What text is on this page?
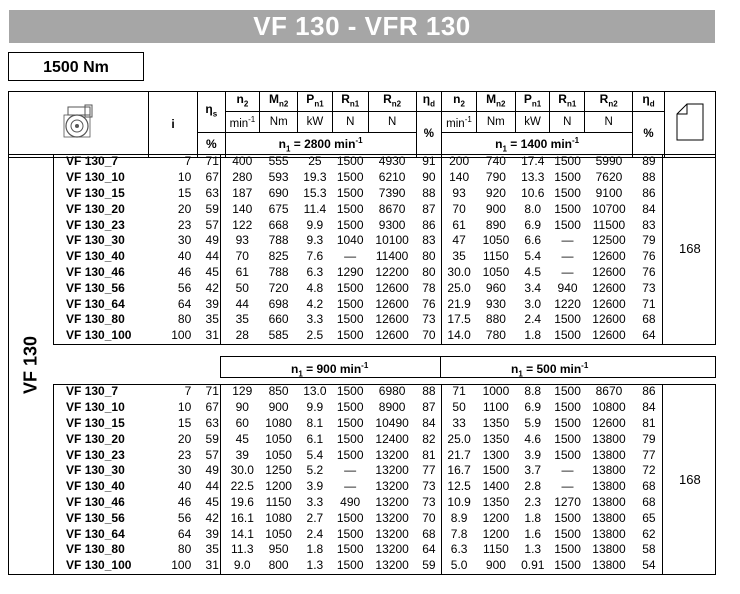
VF 130 - VFR 130
1500 Nm
	i	$\eta_s$	$n_2$	$M_{n2}$	$P_{n1}$	$R_{n1}$	$R_{n2}$	$\eta_d$	$n_2$	$M_{n2}$	$P_{n1}$	$R_{n1}$	$R_{n2}$	$\eta_d$	
			$\min^{-1}$	Nm	kW	N	N	%	$\min^{-1}$	Nm	kW	N	N	%	
		%	$n_1 = 2800$ $\min^{-1}$						$n_1 = 1400$ $\min^{-1}$
VF 130
168
168
$n_1 = 900$ $\min^{-1}$	$n_1 = 500$ $\min^{-1}$
	VF 130_7	7	71	400	555	25	1500	4930	91	200	740	17.4	1500	5990	89	
	VF 130_10	10	67	280	593	19.3	1500	6210	90	140	790	13.3	1500	7620	88	
	VF 130_15	15	63	187	690	15.3	1500	7390	88	93	920	10.6	1500	9100	86	
	VF 130_20	20	59	140	675	11.4	1500	8670	87	70	900	8.0	1500	10700	84	
	VF 130_23	23	57	122	668	9.9	1500	9300	86	61	890	6.9	1500	11500	83	
	VF 130_30	30	49	93	788	9.3	1040	10100	83	47	1050	6.6	—	12500	79	
	VF 130_40	40	44	70	825	7.6	—	11400	80	35	1150	5.4	—	12600	76	
	VF 130_46	46	45	61	788	6.3	1290	12200	80	30.0	1050	4.5	—	12600	76	
	VF 130_56	56	42	50	720	4.8	1500	12600	78	25.0	960	3.4	940	12600	73	
	VF 130_64	64	39	44	698	4.2	1500	12600	76	21.9	930	3.0	1220	12600	71	
	VF 130_80	80	35	35	660	3.3	1500	12600	73	17.5	880	2.4	1500	12600	68	
	VF 130_100	100	31	28	585	2.5	1500	12600	70	14.0	780	1.8	1500	12600	64	
	VF 130_7	7	71	129	850	13.0	1500	6980	88	71	1000	8.8	1500	8670	86	
	VF 130_10	10	67	90	900	9.9	1500	8900	87	50	1100	6.9	1500	10800	84	
	VF 130_15	15	63	60	1080	8.1	1500	10490	84	33	1350	5.9	1500	12600	81	
	VF 130_20	20	59	45	1050	6.1	1500	12400	82	25.0	1350	4.6	1500	13800	79	
	VF 130_23	23	57	39	1050	5.4	1500	13200	81	21.7	1300	3.9	1500	13800	77	
	VF 130_30	30	49	30.0	1250	5.2	—	13200	77	16.7	1500	3.7	—	13800	72	
	VF 130_40	40	44	22.5	1200	3.9	—	13200	73	12.5	1400	2.8	—	13800	68	
	VF 130_46	46	45	19.6	1150	3.3	490	13200	73	10.9	1350	2.3	1270	13800	68	
	VF 130_56	56	42	16.1	1080	2.7	1500	13200	70	8.9	1200	1.8	1500	13800	65	
	VF 130_64	64	39	14.1	1050	2.4	1500	13200	68	7.8	1200	1.6	1500	13800	62	
	VF 130_80	80	35	11.3	950	1.8	1500	13200	64	6.3	1150	1.3	1500	13800	58	
	VF 130_100	100	31	9.0	800	1.3	1500	13200	59	5.0	900	0.91	1500	13800	54	
